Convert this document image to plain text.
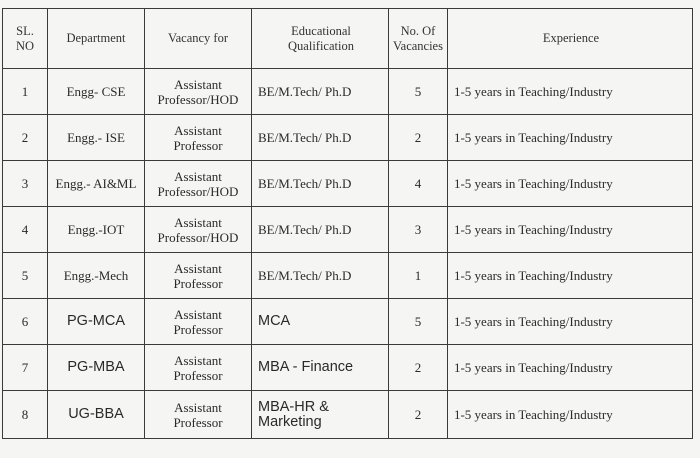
SL. NO	Department	Vacancy for	Educational Qualification	No. Of Vacancies	Experience
1	Engg- CSE	Assistant Professor/HOD	BE/M.Tech/ Ph.D	5	1-5 years in Teaching/Industry
2	Engg.- ISE	Assistant Professor	BE/M.Tech/ Ph.D	2	1-5 years in Teaching/Industry
3	Engg.- AI&ML	Assistant Professor/HOD	BE/M.Tech/ Ph.D	4	1-5 years in Teaching/Industry
4	Engg.-IOT	Assistant Professor/HOD	BE/M.Tech/ Ph.D	3	1-5 years in Teaching/Industry
5	Engg.-Mech	Assistant Professor	BE/M.Tech/ Ph.D	1	1-5 years in Teaching/Industry
6	PG-MCA	Assistant Professor	MCA	5	1-5 years in Teaching/Industry
7	PG-MBA	Assistant Professor	MBA - Finance	2	1-5 years in Teaching/Industry
8	UG-BBA	Assistant Professor	MBA-HR & Marketing	2	1-5 years in Teaching/Industry
